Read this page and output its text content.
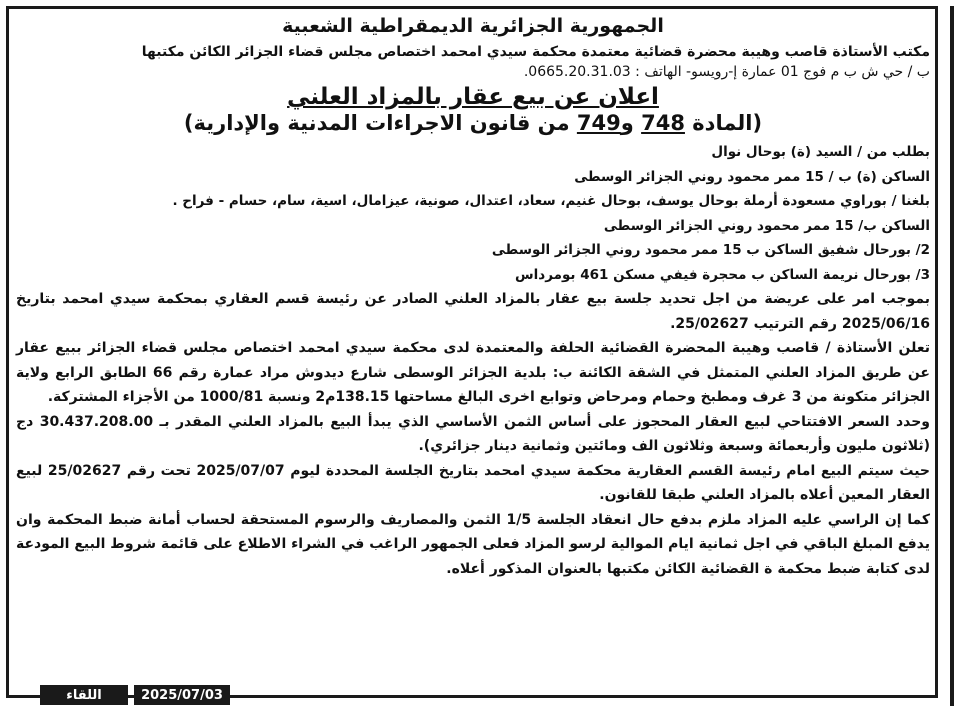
الجمهورية الجزائرية الديمقراطية الشعبية

مكتب الأستاذة قاصب وهيبة محضرة قضائية معتمدة محكمة سيدي امحمد اختصاص مجلس قضاء الجزائر الكائن مكتبها

ب / حي ش ب م فوج 01 عمارة إ-رويسو- الهاتف : 0665.20.31.03.

اعلان عن بيع عقار بالمزاد العلني
(المادة 748 و749 من قانون الاجراءات المدنية والإدارية)

بطلب من / السيد (ة) بوحال نوال

الساكن (ة) ب / 15 ممر محمود روني الجزائر الوسطى

بلغنا / بوراوي مسعودة أرملة بوحال يوسف، بوحال غنيم، سعاد، اعتدال، صونية، عيزامال، اسية، سام، حسام - فراح .

الساكن ب/ 15 ممر محمود روني الجزائر الوسطى

2/ بورحال شفيق الساكن ب 15 ممر محمود روني الجزائر الوسطى

3/ بورحال نريمة الساكن ب محجرة فيفي مسكن 461 بومرداس

بموجب امر على عريضة من اجل تحديد جلسة بيع عقار بالمزاد العلني الصادر عن رئيسة قسم العقاري بمحكمة سيدي امحمد بتاريخ 2025/06/16 رقم الترتيب 25/02627.

تعلن الأستاذة / قاصب وهيبة المحضرة القضائية الحلفة والمعتمدة لدى محكمة سيدي امحمد اختصاص مجلس قضاء الجزائر ببيع عقار عن طريق المزاد العلني المتمثل في الشقة الكائنة ب: بلدية الجزائر الوسطى شارع ديدوش مراد عمارة رقم 66 الطابق الرابع ولاية الجزائر متكونة من 3 غرف ومطبخ وحمام ومرحاض وتوابع اخرى البالغ مساحتها 138.15م2 ونسبة 1000/81 من الأجزاء المشتركة.

وحدد السعر الافتتاحي لبيع العقار المحجوز على أساس الثمن الأساسي الذي يبدأ البيع بالمزاد العلني المقدر بـ 30.437.208.00 دج (ثلاثون مليون وأربعمائة وسبعة وثلاثون الف ومائتين وثمانية دينار جزائري).

حيث سيتم البيع امام رئيسة القسم العقارية محكمة سيدي امحمد بتاريخ الجلسة المحددة ليوم 2025/07/07 تحت رقم 25/02627 لبيع العقار المعين أعلاه بالمزاد العلني طبقا للقانون.

كما إن الراسي عليه المزاد ملزم بدفع حال انعقاد الجلسة 1/5 الثمن والمصاريف والرسوم المستحقة لحساب أمانة ضبط المحكمة وان يدفع المبلغ الباقي في اجل ثمانية ايام الموالية لرسو المزاد فعلى الجمهور الراغب في الشراء الاطلاع على قائمة شروط البيع المودعة لدى كتابة ضبط محكمة ة القضائية الكائن مكتبها بالعنوان المذكور أعلاه.

اللقاء	2025/07/03
